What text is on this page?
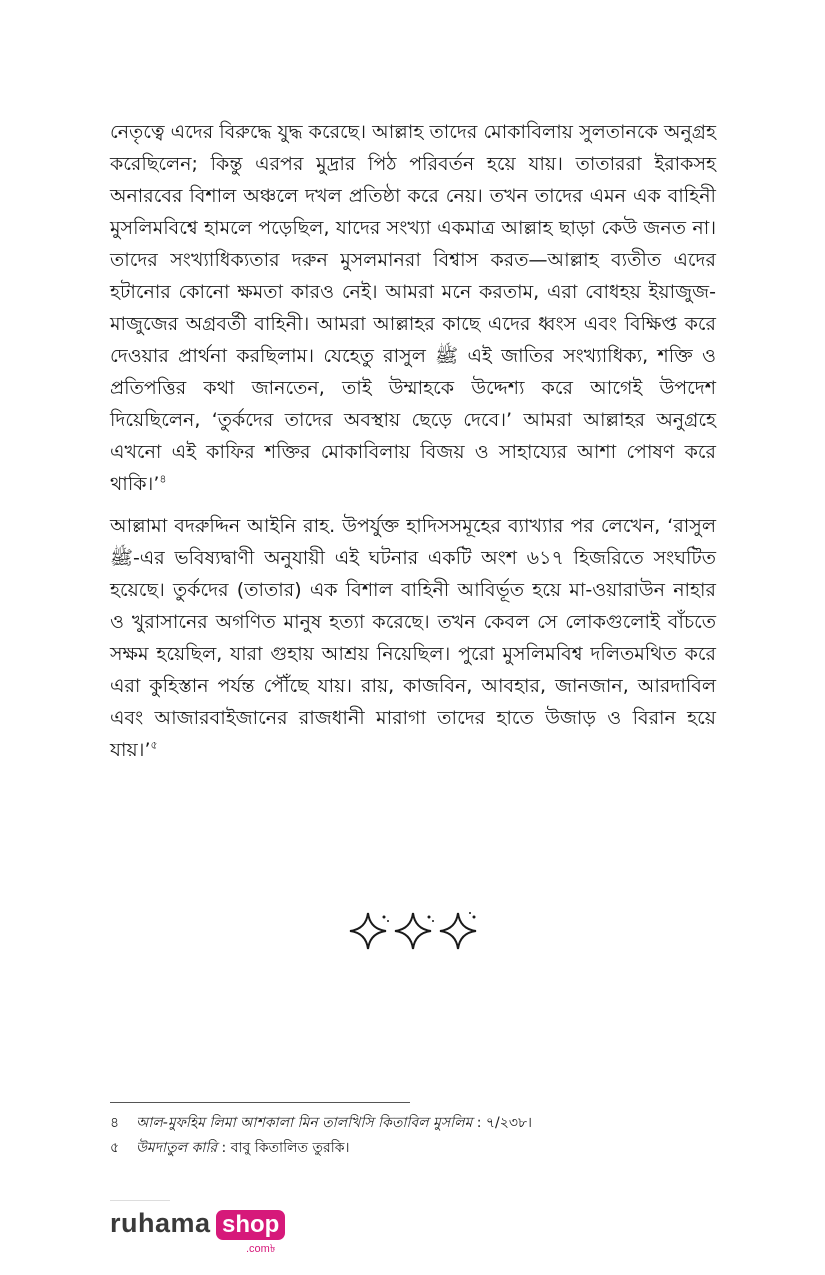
নেতৃত্বে এদের বিরুদ্ধে যুদ্ধ করেছে। আল্লাহ তাদের মোকাবিলায় সুলতানকে অনুগ্রহ করেছিলেন; কিন্তু এরপর মুদ্রার পিঠ পরিবর্তন হয়ে যায়। তাতাররা ইরাকসহ অনারবের বিশাল অঞ্চলে দখল প্রতিষ্ঠা করে নেয়। তখন তাদের এমন এক বাহিনী মুসলিমবিশ্বে হামলে পড়েছিল, যাদের সংখ্যা একমাত্র আল্লাহ ছাড়া কেউ জনত না। তাদের সংখ্যাধিক্যতার দরুন মুসলমানরা বিশ্বাস করত—আল্লাহ ব্যতীত এদের হটানোর কোনো ক্ষমতা কারও নেই। আমরা মনে করতাম, এরা বোধহয় ইয়াজুজ-মাজুজের অগ্রবর্তী বাহিনী। আমরা আল্লাহর কাছে এদের ধ্বংস এবং বিক্ষিপ্ত করে দেওয়ার প্রার্থনা করছিলাম। যেহেতু রাসুল ﷺ এই জাতির সংখ্যাধিক্য, শক্তি ও প্রতিপত্তির কথা জানতেন, তাই উম্মাহকে উদ্দেশ্য করে আগেই উপদেশ দিয়েছিলেন, ‘তুর্কদের তাদের অবস্থায় ছেড়ে দেবে।’ আমরা আল্লাহর অনুগ্রহে এখনো এই কাফির শক্তির মোকাবিলায় বিজয় ও সাহায্যের আশা পোষণ করে থাকি।’$^৪$

আল্লামা বদরুদ্দিন আইনি রাহ. উপর্যুক্ত হাদিসসমূহের ব্যাখ্যার পর লেখেন, ‘রাসুল ﷺ-এর ভবিষ্যদ্বাণী অনুযায়ী এই ঘটনার একটি অংশ ৬১৭ হিজরিতে সংঘটিত হয়েছে। তুর্কদের (তাতার) এক বিশাল বাহিনী আবির্ভূত হয়ে মা-ওয়ারাউন নাহার ও খুরাসানের অগণিত মানুষ হত্যা করেছে। তখন কেবল সে লোকগুলোই বাঁচতে সক্ষম হয়েছিল, যারা গুহায় আশ্রয় নিয়েছিল। পুরো মুসলিমবিশ্ব দলিতমথিত করে এরা কুহিস্তান পর্যন্ত পৌঁছে যায়। রায়, কাজবিন, আবহার, জানজান, আরদাবিল এবং আজারবাইজানের রাজধানী মারাগা তাদের হাতে উজাড় ও বিরান হয়ে যায়।’$^৫$

৪ আল-মুফহিম লিমা আশকালা মিন তালখিসি কিতাবিল মুসলিম : ৭/২৩৮।
৫ উমদাতুল কারি : বাবু কিতালিত তুরকি।
ruhama shop
.com৳
